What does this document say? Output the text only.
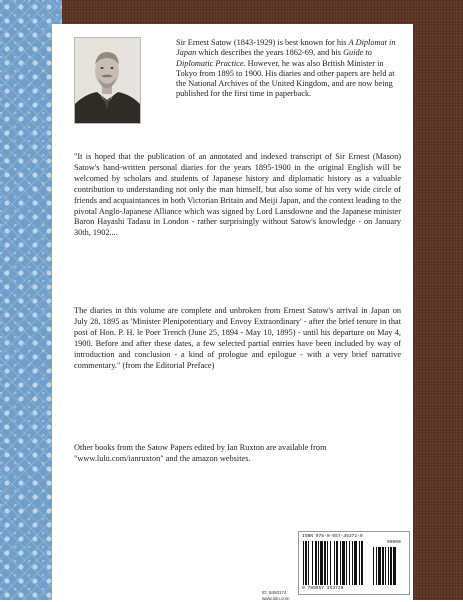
Sir Ernest Satow (1843-1929) is best known for his A Diplomat in Japan which describes the years 1862-69, and his Guide to Diplomatic Practice. However, he was also British Minister in Tokyo from 1895 to 1900. His diaries and other papers are held at the National Archives of the United Kingdom, and are now being published for the first time in paperback.

"It is hoped that the publication of an annotated and indexed transcript of Sir Ernest (Mason) Satow's hand-written personal diaries for the years 1895-1900 in the original English will be welcomed by scholars and students of Japanese history and diplomatic history as a valuable contribution to understanding not only the man himself, but also some of his very wide circle of friends and acquaintances in both Victorian Britain and Meiji Japan, and the context leading to the pivotal Anglo-Japanese Alliance which was signed by Lord Lansdowne and the Japanese minister Baron Hayashi Tadasu in London - rather surprisingly without Satow's knowledge - on January 30th, 1902....

The diaries in this volume are complete and unbroken from Ernest Satow's arrival in Japan on July 28, 1895 as 'Minister Plenipotentiary and Envoy Extraordinary' - after the brief tenure in that post of Hon. P. H. le Poer Trench (June 25, 1894 - May 10, 1895) - until his departure on May 4, 1900. Before and after these dates, a few selected partial entries have been included by way of introduction and conclusion - a kind of prologue and epilogue - with a very brief narrative commentary." (from the Editorial Preface)

Other books from the Satow Papers edited by Ian Ruxton are available from "www.lulu.com/ianruxton" and the amazon websites.

ID: 8450174
www.lulu.com
ISBN 978-0-557-35372-9
90000
9 780557 353729
